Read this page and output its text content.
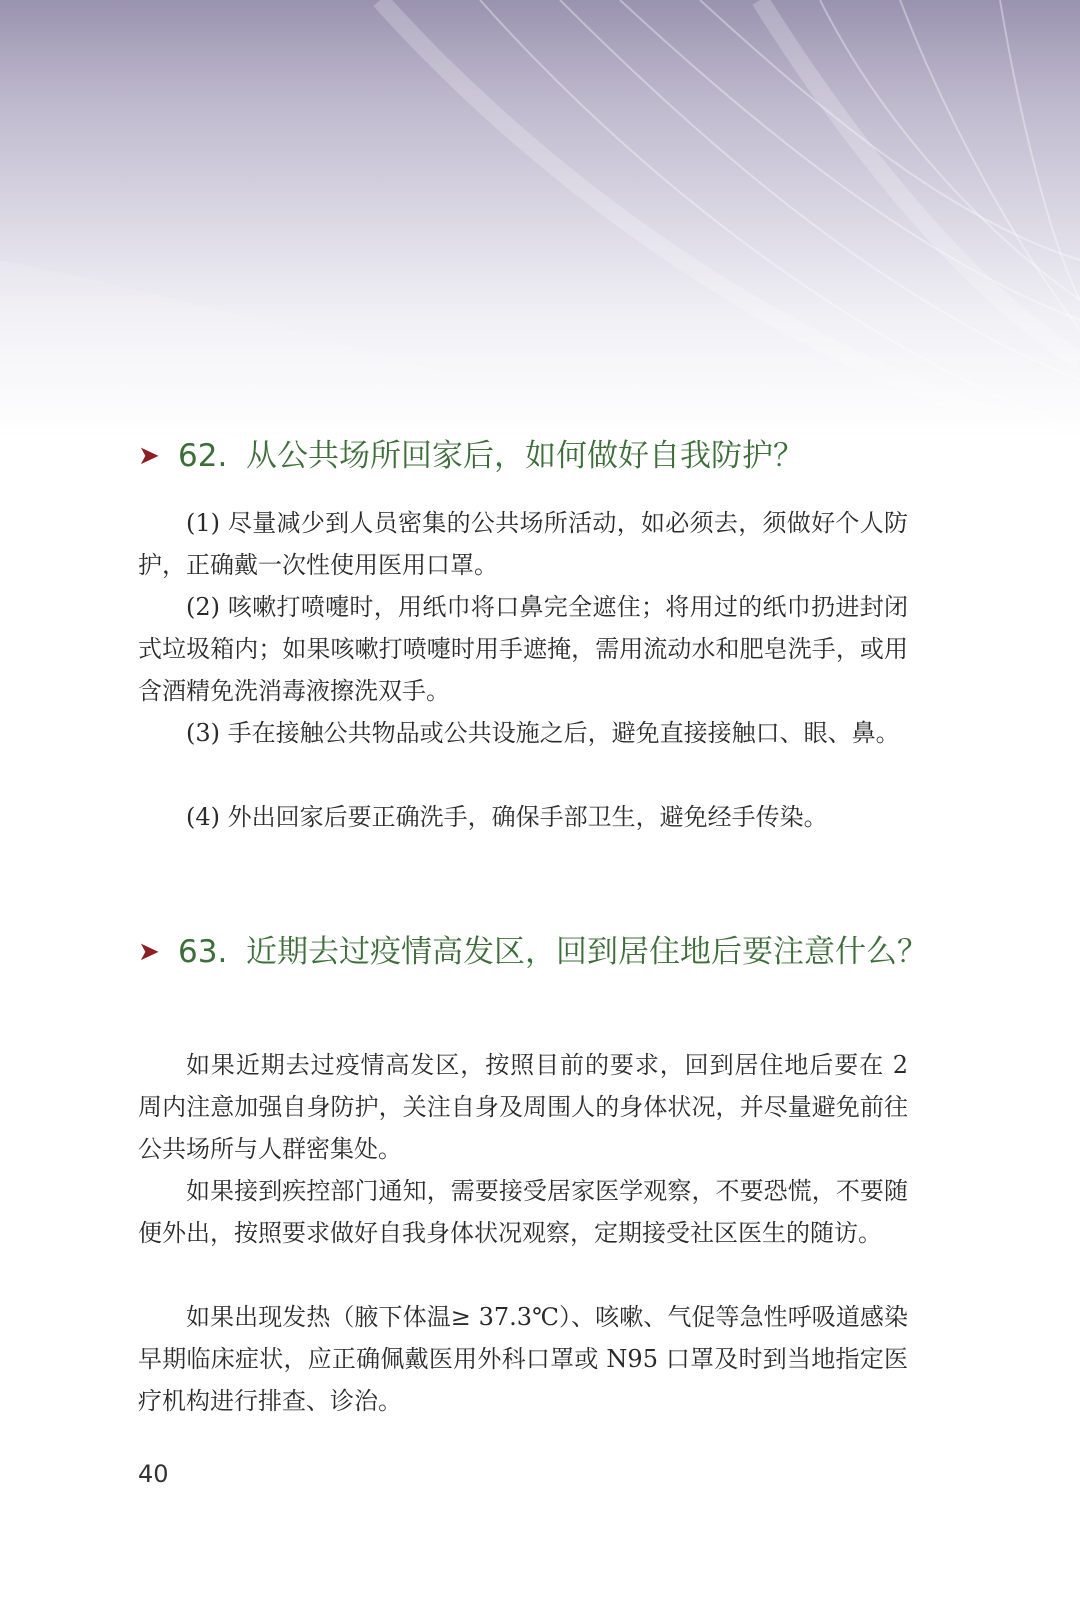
➤ 62. 从公共场所回家后，如何做好自我防护？

(1) 尽量减少到人员密集的公共场所活动，如必须去，须做好个人防护，正确戴一次性使用医用口罩。

(2) 咳嗽打喷嚏时，用纸巾将口鼻完全遮住；将用过的纸巾扔进封闭式垃圾箱内；如果咳嗽打喷嚏时用手遮掩，需用流动水和肥皂洗手，或用含酒精免洗消毒液擦洗双手。

(3) 手在接触公共物品或公共设施之后，避免直接接触口、眼、鼻。

(4) 外出回家后要正确洗手，确保手部卫生，避免经手传染。

➤ 63. 近期去过疫情高发区，回到居住地后要注意什么？

如果近期去过疫情高发区，按照目前的要求，回到居住地后要在 2 周内注意加强自身防护，关注自身及周围人的身体状况，并尽量避免前往公共场所与人群密集处。

如果接到疾控部门通知，需要接受居家医学观察，不要恐慌，不要随便外出，按照要求做好自我身体状况观察，定期接受社区医生的随访。

如果出现发热（腋下体温≥ 37.3℃）、咳嗽、气促等急性呼吸道感染早期临床症状，应正确佩戴医用外科口罩或 N95 口罩及时到当地指定医疗机构进行排查、诊治。

40
